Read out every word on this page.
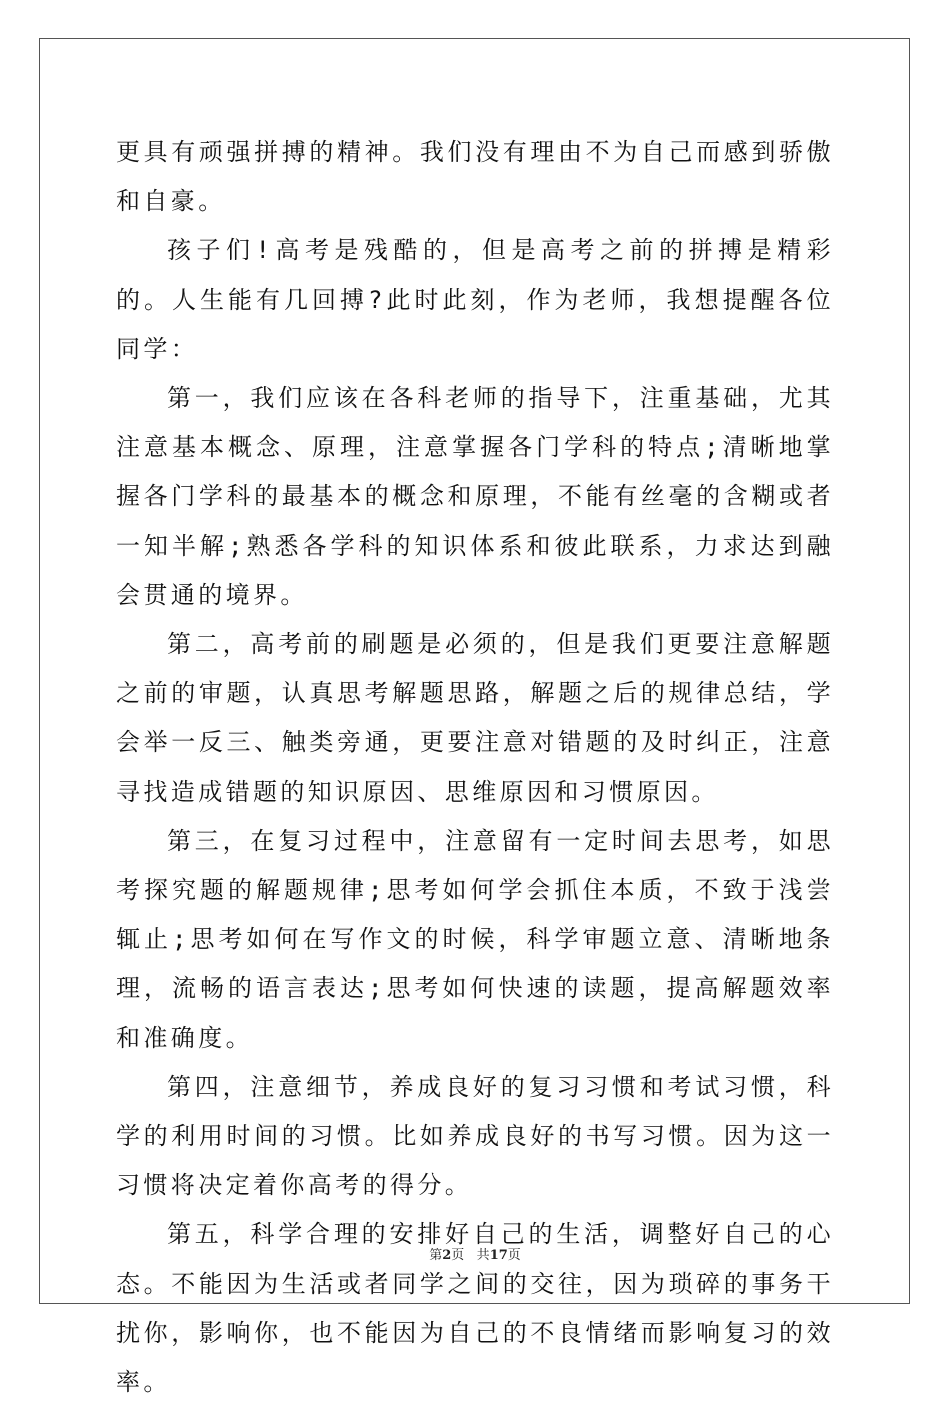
更具有顽强拼搏的精神。我们没有理由不为自己而感到骄傲和自豪。

孩子们!高考是残酷的，但是高考之前的拼搏是精彩的。人生能有几回搏?此时此刻，作为老师，我想提醒各位同学：

第一，我们应该在各科老师的指导下，注重基础，尤其注意基本概念、原理，注意掌握各门学科的特点;清晰地掌握各门学科的最基本的概念和原理，不能有丝毫的含糊或者一知半解;熟悉各学科的知识体系和彼此联系，力求达到融会贯通的境界。

第二，高考前的刷题是必须的，但是我们更要注意解题之前的审题，认真思考解题思路，解题之后的规律总结，学会举一反三、触类旁通，更要注意对错题的及时纠正，注意寻找造成错题的知识原因、思维原因和习惯原因。

第三，在复习过程中，注意留有一定时间去思考，如思考探究题的解题规律;思考如何学会抓住本质，不致于浅尝辄止;思考如何在写作文的时候，科学审题立意、清晰地条理，流畅的语言表达;思考如何快速的读题，提高解题效率和准确度。

第四，注意细节，养成良好的复习习惯和考试习惯，科学的利用时间的习惯。比如养成良好的书写习惯。因为这一习惯将决定着你高考的得分。

第五，科学合理的安排好自己的生活，调整好自己的心态。不能因为生活或者同学之间的交往，因为琐碎的事务干扰你，影响你，也不能因为自己的不良情绪而影响复习的效率。

第2页 共17页
